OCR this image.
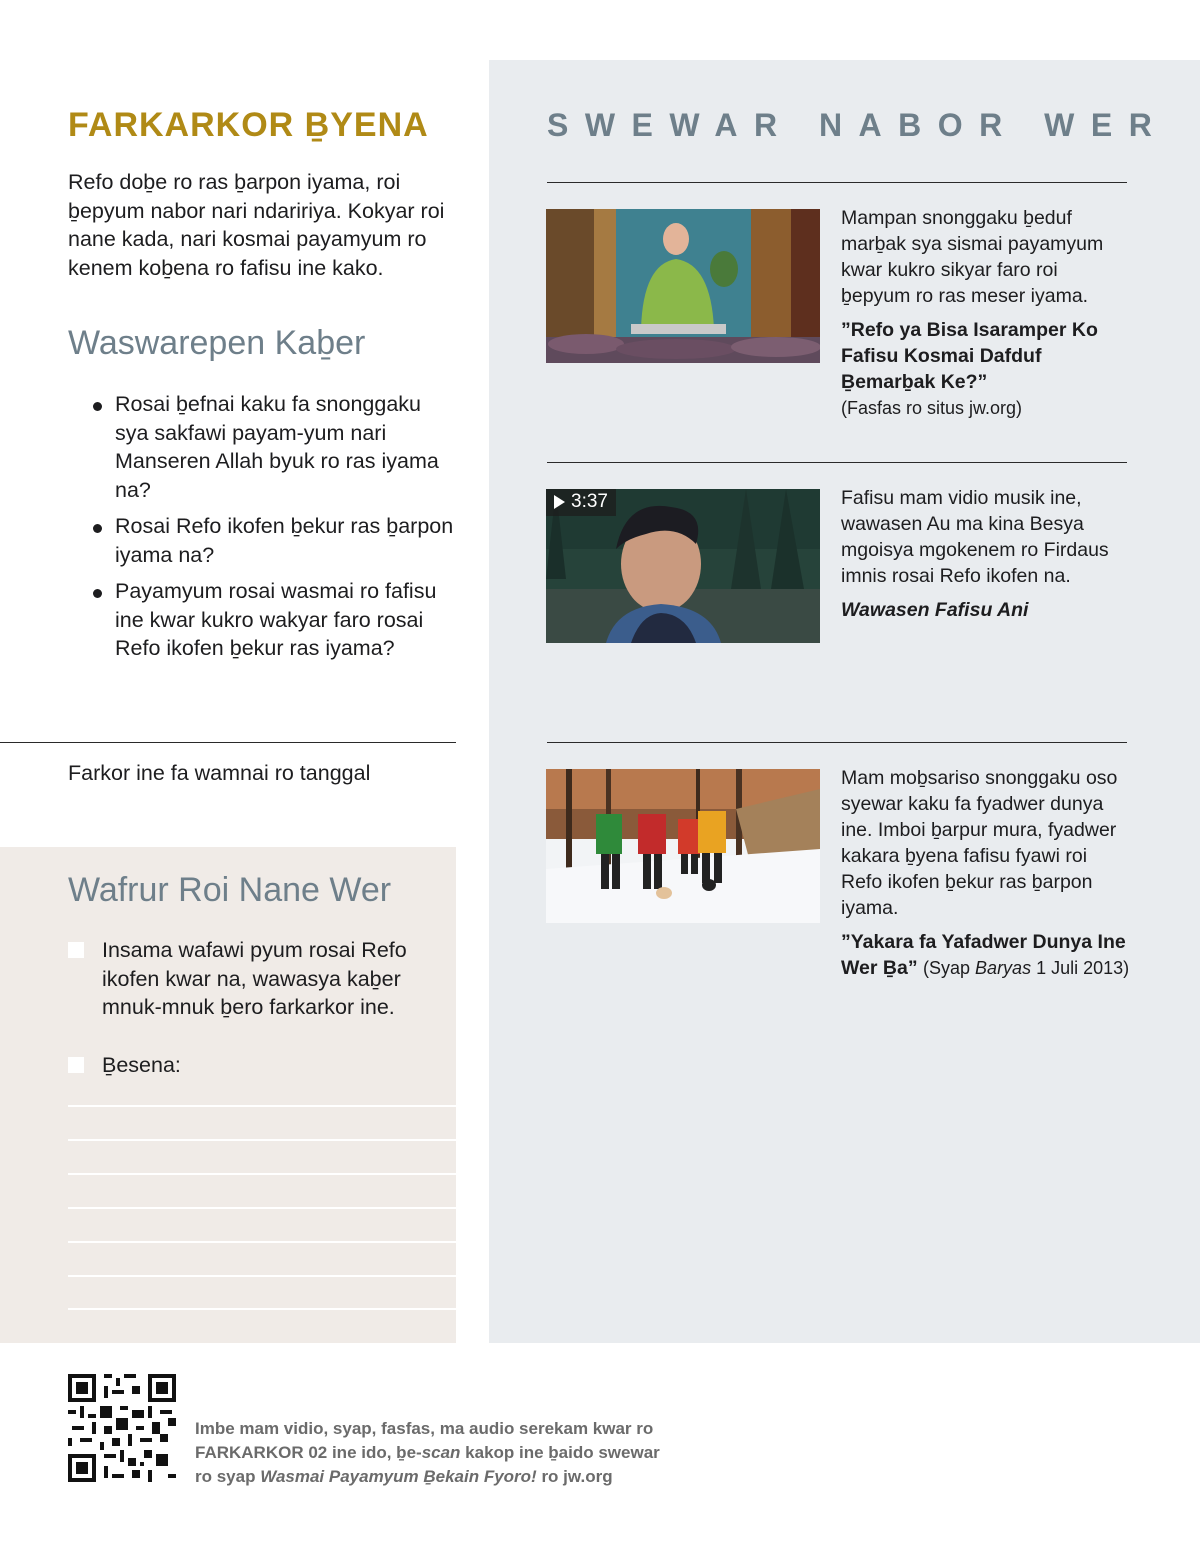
FARKARKOR ḆYENA

Refo doḇe ro ras ḇarpon iyama, roi ḇepyum nabor nari ndaririya. Kokyar roi nane kada, nari kosmai payamyum ro kenem koḇena ro fafisu ine kako.

Waswarepen Kaḇer
Rosai ḇefnai kaku fa snonggaku sya sakfawi payam-yum nari Manseren Allah byuk ro ras iyama na?
Rosai Refo ikofen ḇekur ras ḇarpon iyama na?
Payamyum rosai wasmai ro fafisu ine kwar kukro wakyar faro rosai Refo ikofen ḇekur ras iyama?

Farkor ine fa wamnai ro tanggal

Wafrur Roi Nane Wer
Insama wafawi pyum rosai Refo ikofen kwar na, wawasya kaḇer mnuk-mnuk ḇero farkarkor ine.
Ḇesena:
SWEWAR NABOR WER

Mampan snonggaku ḇeduf marḇak sya sismai payamyum kwar kukro sikyar faro roi ḇepyum ro ras meser iyama.

”Refo ya Bisa Isaramper Ko Fafisu Kosmai Dafduf Ḇemarḇak Ke?”
(Fasfas ro situs jw.org)

3:37	Fafisu mam vidio musik ine, wawasen Au ma kina Besya mgoisya mgokenem ro Firdaus imnis rosai Refo ikofen na.

Wawasen Fafisu Ani

Mam moḇsariso snonggaku oso syewar kaku fa fyadwer dunya ine. Imboi ḇarpur mura, fyadwer kakara ḇyena fafisu fyawi roi Refo ikofen ḇekur ras ḇarpon iyama.

”Yakara fa Yafadwer Dunya Ine Wer Ḇa” (Syap Baryas 1 Juli 2013)

Imbe mam vidio, syap, fasfas, ma audio serekam kwar ro
FARKARKOR 02 ine ido, ḇe-scan kakop ine ḇaido swewar
ro syap Wasmai Payamyum Ḇekain Fyoro! ro jw.org
